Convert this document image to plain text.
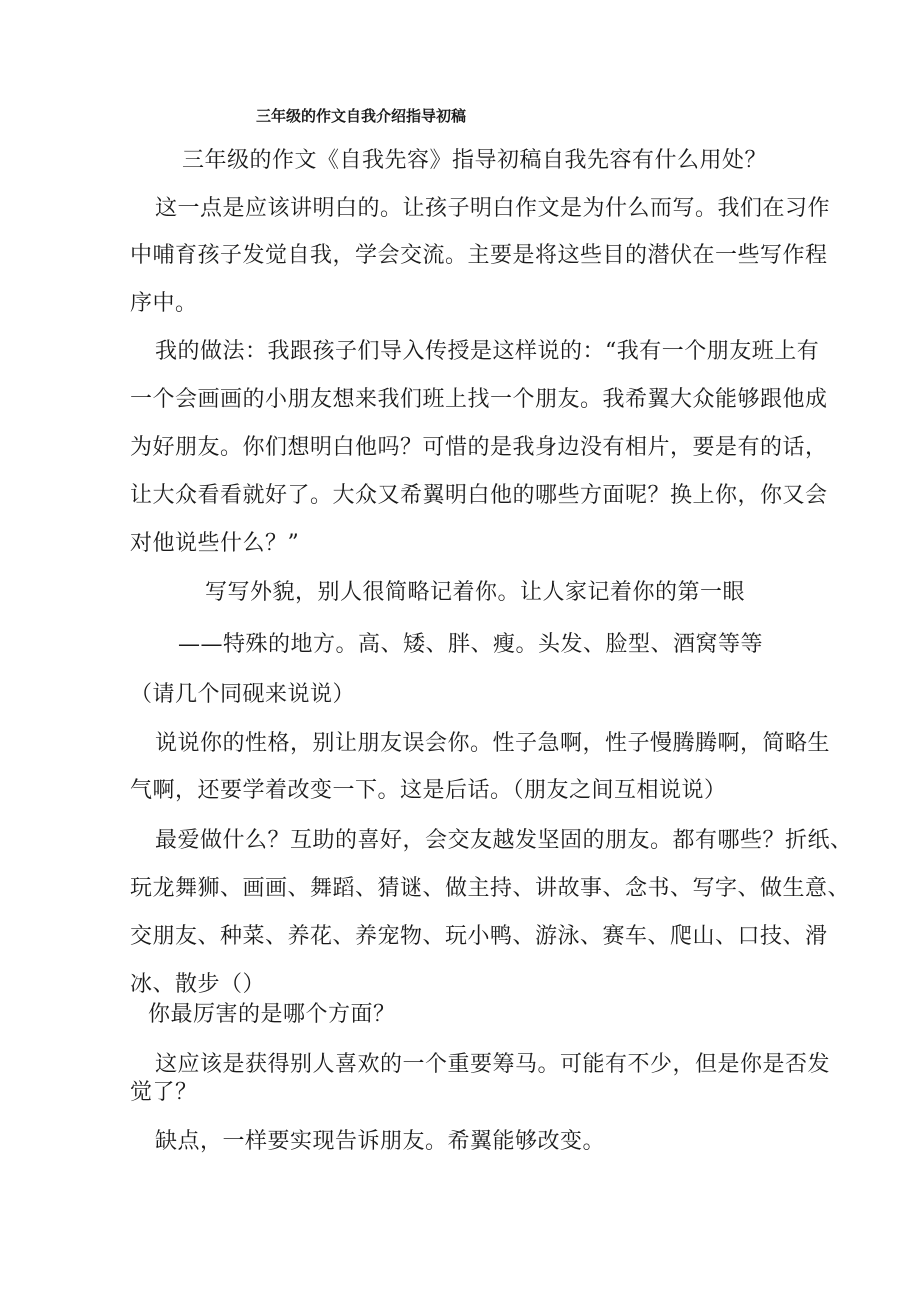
三年级的作文自我介绍指导初稿
三年级的作文《自我先容》指导初稿自我先容有什么用处？
这一点是应该讲明白的。让孩子明白作文是为什么而写。我们在习作
中哺育孩子发觉自我，学会交流。主要是将这些目的潜伏在一些写作程
序中。
我的做法：我跟孩子们导入传授是这样说的：“我有一个朋友班上有
一个会画画的小朋友想来我们班上找一个朋友。我希翼大众能够跟他成
为好朋友。你们想明白他吗？可惜的是我身边没有相片，要是有的话，
让大众看看就好了。大众又希翼明白他的哪些方面呢？换上你，你又会
对他说些什么？”
写写外貌，别人很简略记着你。让人家记着你的第一眼
——特殊的地方。高、矮、胖、瘦。头发、脸型、酒窝等等
（请几个同砚来说说）
说说你的性格，别让朋友误会你。性子急啊，性子慢腾腾啊，简略生
气啊，还要学着改变一下。这是后话。（朋友之间互相说说）
最爱做什么？互助的喜好，会交友越发坚固的朋友。都有哪些？折纸、
玩龙舞狮、画画、舞蹈、猜谜、做主持、讲故事、念书、写字、做生意、
交朋友、种菜、养花、养宠物、玩小鸭、游泳、赛车、爬山、口技、滑
冰、散步（）
你最厉害的是哪个方面？
这应该是获得别人喜欢的一个重要筹马。可能有不少，但是你是否发
觉了？
缺点，一样要实现告诉朋友。希翼能够改变。
